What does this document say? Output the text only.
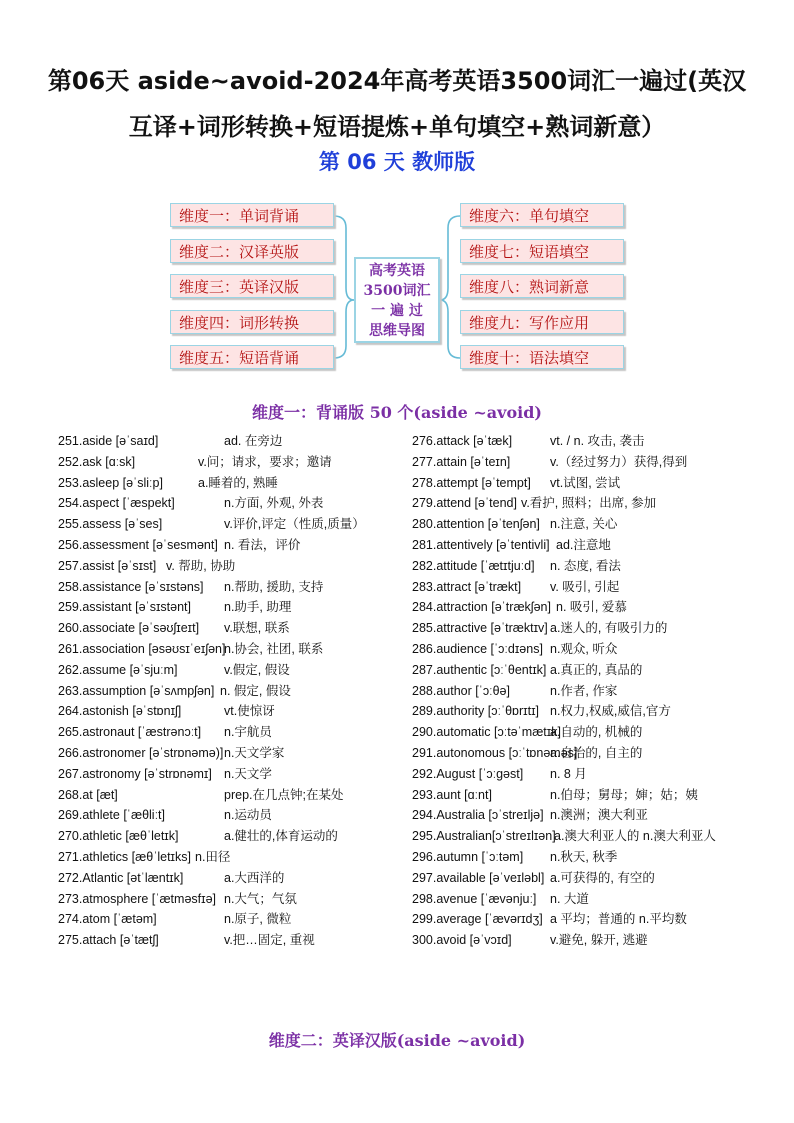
第06天 aside~avoid-2024年高考英语3500词汇一遍过(英汉互译+词形转换+短语提炼+单句填空+熟词新意）
第 06 天 教师版
维度一：单词背诵
维度二：汉译英版
维度三：英译汉版
维度四：词形转换
维度五：短语背诵
维度六：单句填空
维度七：短语填空
维度八：熟词新意
维度九：写作应用
维度十：语法填空
高考英语
3500词汇
一 遍 过
思维导图
维度一：背诵版 50 个(aside ~avoid)
251.aside [əˈsaɪd]	ad. 在旁边
252.ask [ɑːsk]	v.问；请求，要求；邀请
253.asleep [əˈsliːp]	a.睡着的, 熟睡
254.aspect [ˈæspekt]	n.方面, 外观, 外表
255.assess [əˈses]	v.评价,评定（性质,质量）
256.assessment [əˈsesmənt] n. 看法，评价
257.assist [əˈsɪst] v. 帮助, 协助
258.assistance [əˈsɪstəns] n.帮助, 援助, 支持
259.assistant [əˈsɪstənt]	n.助手, 助理
260.associate [əˈsəʊʃɪeɪt] v.联想, 联系
261.association [əsəʊsɪˈeɪʃən]
n.协会, 社团, 联系
262.assume [əˈsjuːm]	v.假定, 假设
263.assumption [əˈsʌmpʃən] n. 假定, 假设
264.astonish [əˈstɒnɪʃ]	vt.使惊讶
265.astronaut [ˈæstrənɔːt] n.宇航员
266.astronomer [əˈstrɒnəmə)] n.天文学家
267.astronomy [əˈstrɒnəmɪ] n.天文学
268.at [æt]	prep.在几点钟;在某处
269.athlete [ˈæθliːt]	n.运动员
270.athletic [æθˈletɪk]	a.健壮的,体育运动的
271.athletics [æθˈletɪks] n.田径
272.Atlantic [ətˈlæntɪk]	a.大西洋的
273.atmosphere [ˈætməsfɪə] n.大气；气氛
274.atom [ˈætəm]	n.原子, 微粒
275.attach [əˈtætʃ]	v.把…固定, 重视
276.attack [əˈtæk]	vt. / n. 攻击, 袭击
277.attain [əˈteɪn]	v.（经过努力）获得,得到
278.attempt [əˈtempt] vt.试图, 尝试
279.attend [əˈtend] v.看护, 照料；出席, 参加
280.attention [əˈtenʃən] n.注意, 关心
281.attentively [əˈtentivli] ad.注意地
282.attitude [ˈætɪtjuːd] n. 态度, 看法
283.attract [əˈtrækt] v. 吸引, 引起
284.attraction [əˈtrækʃən] n. 吸引, 爱慕
285.attractive [əˈtræktɪv] a.迷人的, 有吸引力的
286.audience [ˈɔːdɪəns] n.观众, 听众
287.authentic [ɔːˈθentɪk] a.真正的, 真品的
288.author [ˈɔːθə]	n.作者, 作家
289.authority [ɔːˈθɒrɪtɪ] n.权力,权威,威信,官方
290.automatic [ɔːtəˈmætɪk]
a.自动的, 机械的
291.autonomous [ɔːˈtɒnəməs]
a.自治的, 自主的
292.August [ˈɔːɡəst] n. 8 月
293.aunt [ɑːnt]	n.伯母；舅母；婶；姑；姨
294.Australia [ɔˈstreɪljə] n.澳洲；澳大利亚
295.Australian[ɔˈstreɪlɪən]
a.澳大利亚人的 n.澳大利亚人
296.autumn [ˈɔːtəm] n.秋天, 秋季
297.available [əˈveɪləbl] a.可获得的, 有空的
298.avenue [ˈævənjuː] n. 大道
299.average [ˈævərɪdʒ] a 平均；普通的 n.平均数
300.avoid [əˈvɔɪd]	v.避免, 躲开, 逃避
维度二：英译汉版(aside ~avoid)
